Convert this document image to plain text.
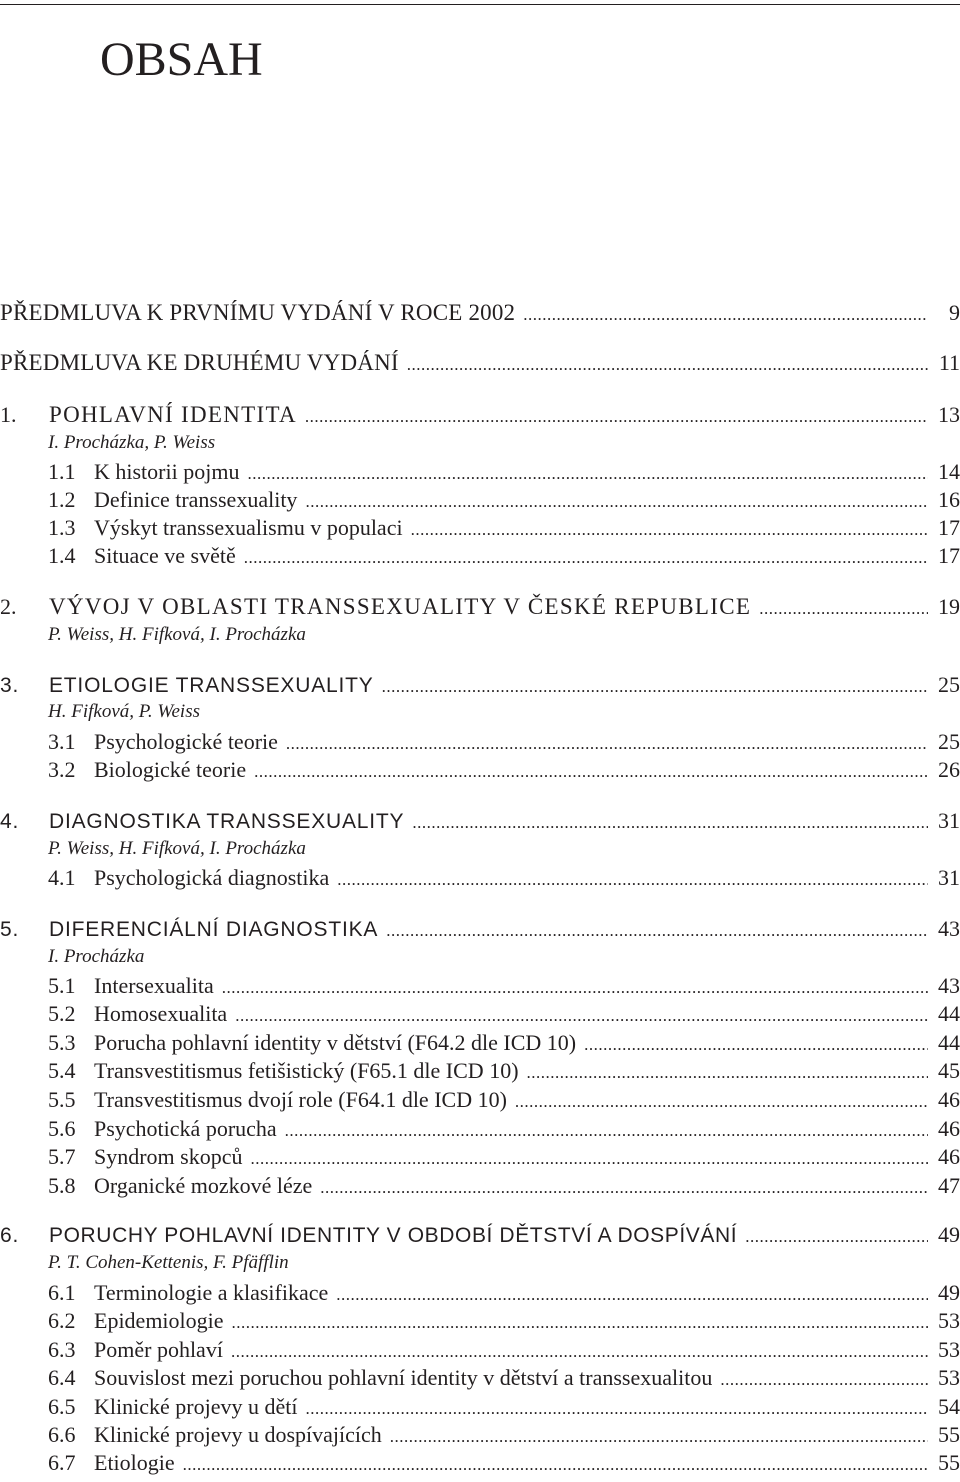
OBSAH
PŘEDMLUVA K PRVNÍMU VYDÁNÍ V ROCE 2002 .....	9
PŘEDMLUVA KE DRUHÉMU VYDÁNÍ .....	11
1.	POHLAVNÍ IDENTITA .....	13
I. Procházka, P. Weiss
1.1 K historii pojmu .....	14
1.2 Definice transsexuality .....	16
1.3 Výskyt transsexualismu v populaci .....	17
1.4 Situace ve světě .....	17
2.	VÝVOJ V OBLASTI TRANSSEXUALITY V ČESKÉ REPUBLICE .....	19
P. Weiss, H. Fifková, I. Procházka
3.	ETIOLOGIE TRANSSEXUALITY .....	25
H. Fifková, P. Weiss
3.1 Psychologické teorie .....	25
3.2 Biologické teorie .....	26
4.	DIAGNOSTIKA TRANSSEXUALITY .....	31
P. Weiss, H. Fifková, I. Procházka
4.1 Psychologická diagnostika .....	31
5.	DIFERENCIÁLNÍ DIAGNOSTIKA .....	43
I. Procházka
5.1 Intersexualita .....	43
5.2 Homosexualita .....	44
5.3 Porucha pohlavní identity v dětství (F64.2 dle ICD 10) .....	44
5.4 Transvestitismus fetišistický (F65.1 dle ICD 10) .....	45
5.5 Transvestitismus dvojí role (F64.1 dle ICD 10) .....	46
5.6 Psychotická porucha .....	46
5.7 Syndrom skopců .....	46
5.8 Organické mozkové léze .....	47
6.	PORUCHY POHLAVNÍ IDENTITY V OBDOBÍ DĚTSTVÍ A DOSPÍVÁNÍ .....	49
P. T. Cohen-Kettenis, F. Pfäfflin
6.1 Terminologie a klasifikace .....	49
6.2 Epidemiologie .....	53
6.3 Poměr pohlaví .....	53
6.4 Souvislost mezi poruchou pohlavní identity v dětství a transsexualitou .....	53
6.5 Klinické projevy u dětí .....	54
6.6 Klinické projevy u dospívajících .....	55
6.7 Etiologie .....	55
